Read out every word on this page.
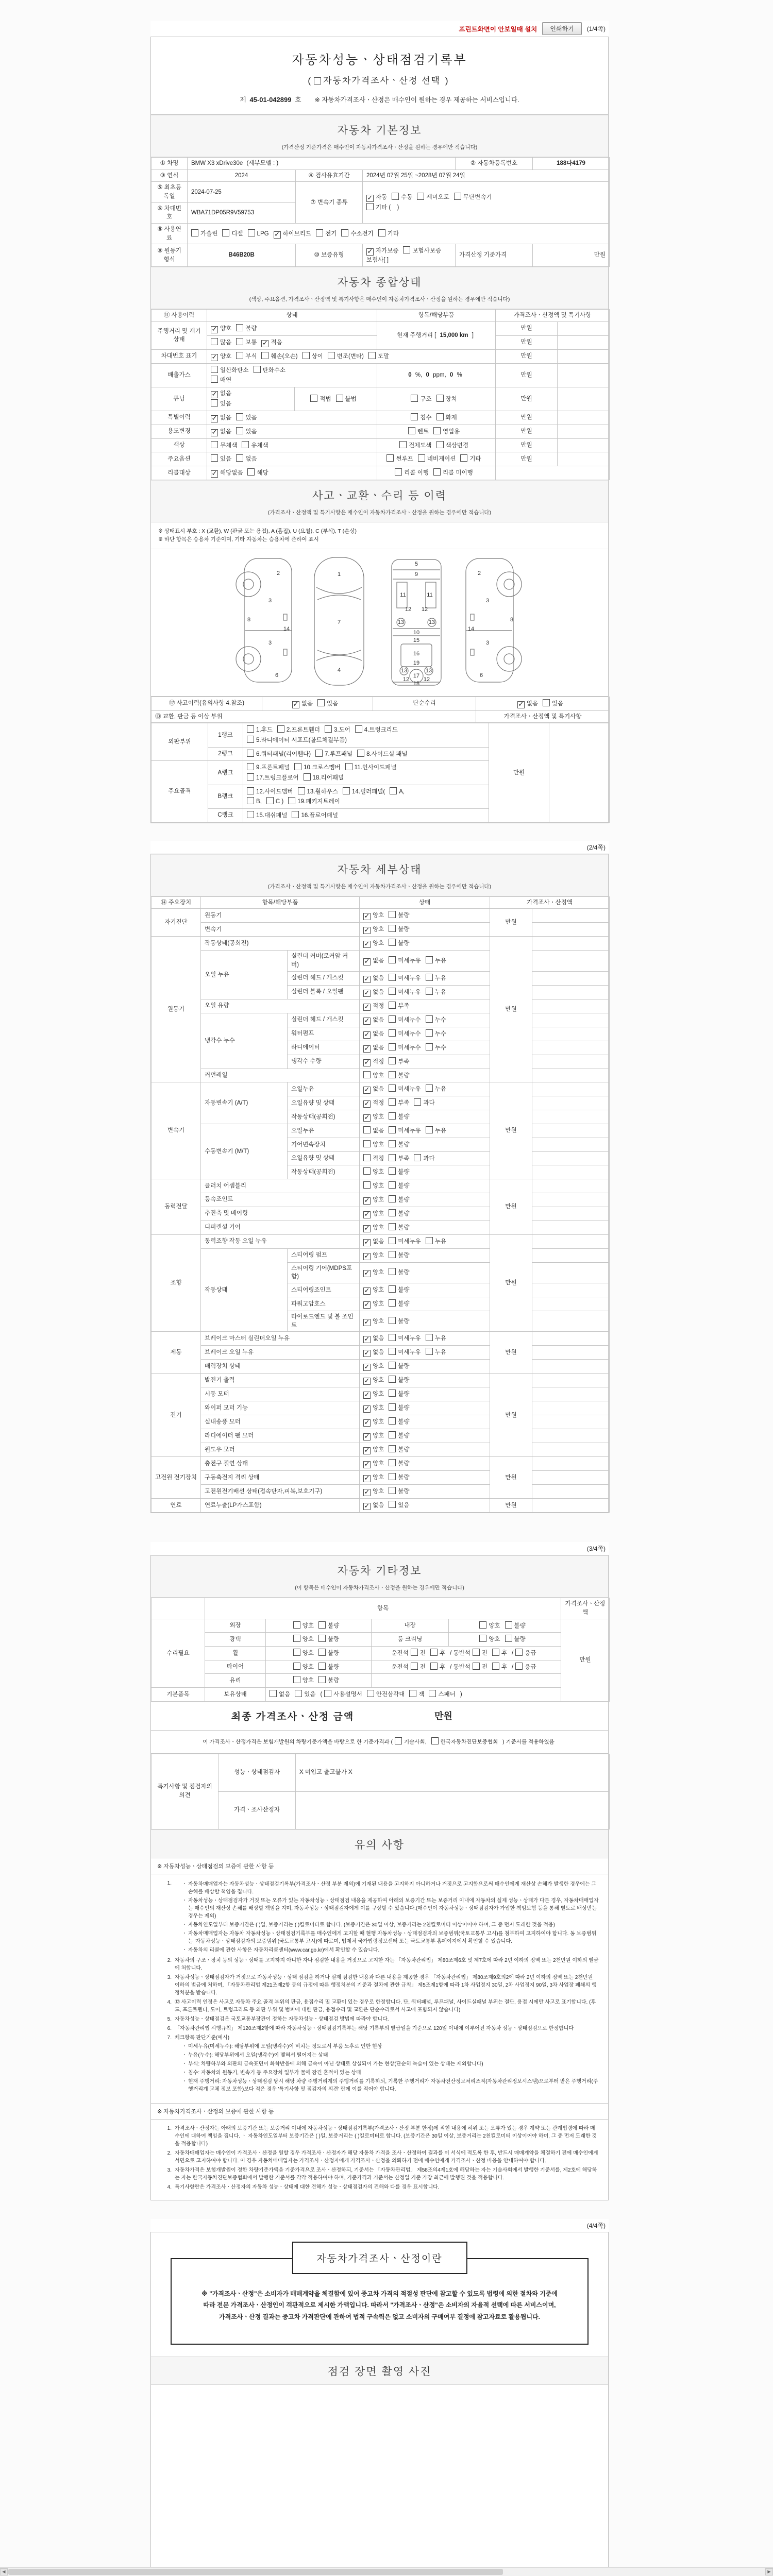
프린트화면이 안보일때 설치	인쇄하기	(1/4쪽)
자동차성능ㆍ상태점검기록부
( 자동차가격조사ㆍ산정 선택 )
제 45-01-042899 호 ※ 자동차가격조사ㆍ산정은 매수인이 원하는 경우 제공하는 서비스입니다.
자동차 기본정보
(가격산정 기준가격은 매수인이 자동차가격조사ㆍ산정을 원하는 경우에만 적습니다)
① 차명	BMW X3 xDrive30e (세부모델 : )			② 자동차등록번호	188다4179
③ 연식	2024	④ 검사유효기간	2024년 07월 25일 ~2028년 07월 24일		
⑤ 최초등록일	2024-07-25	⑦ 변속기 종류	✓ 자동 수동 세미오토 무단변속기
기타 ( )		
⑥ 차대번호	WBA71DP05R9V59753				
⑧ 사용연료	가솔린 디젤 LPG ✓ 하이브리드 전기 수소전기 기타				
⑨ 원동기형식	B46B20B	⑩ 보증유형	✓ 자가보증 보험사보증보험사[ ]	가격산정 기준가격	만원
자동차 종합상태
(색상, 주요옵션, 가격조사ㆍ산정액 및 특기사항은 매수인이 자동차가격조사ㆍ산정을 원하는 경우에만 적습니다)
⑪ 사용이력	상태		항목/해당부품	가격조사ㆍ산정액 및 특기사항	
주행거리 및 계기상태	✓ 양호 불량		현재 주행거리 [ 15,000 km ]	만원	
	많음 보통 ✓ 적음			만원	
차대번호 표기	✓ 양호 부식 훼손(오손) 상이 변조(변타) 도말			만원	
배출가스	일산화탄소 탄화수소
매연		0 %, 0 ppm, 0 %	만원	
튜닝	✓ 없음
있음	적법 불법	구조 장치	만원	
특별이력	✓ 없음 있음		침수 화재	만원	
용도변경	✓ 없음 있음		렌트 영업용	만원	
색상	무채색 유채색		전체도색 색상변경	만원	
주요옵션	있음 없음		썬루프 네비게이션 기타	만원	
리콜대상	✓ 해당없음 해당		리콜 이행 리콜 미이행		
사고ㆍ교환ㆍ수리 등 이력
(가격조사ㆍ산정액 및 특기사항은 매수인이 자동차가격조사ㆍ산정을 원하는 경우에만 적습니다)
※ 상태표시 부호 : X (교환), W (판금 또는 용접), A (흠집), U (요철), C (부식), T (손상)
※ 하단 항목은 승용차 기준이며, 기타 자동차는 승용차에 준하여 표시
2
3
8
14
3
6
1
7
4
5
9
11	11
12 12
13	13
10
15
16
19
13	13
12
17
12
18
2
3
8
14
3
6
⑫ 사고이력(유의사항 4.참조)	✓ 없음 있음	단순수리	✓ 없음 있음
⑬ 교환, 판금 등 이상 부위			가격조사ㆍ산정액 및 특기사항
외판부위	1랭크	1.후드 2.프론트휀더 3.도어 4.트렁크리드
5.라디에이터 서포트(볼트체결부품)	만원	
	2랭크	6.쿼터패널(리어휀다) 7.루프패널 8.사이드실 패널		
주요골격	A랭크	9.프론트패널 10.크로스멤버 11.인사이드패널
17.트렁크플로어 18.리어패널		
	B랭크	12.사이드멤버 13.휠하우스 14.필러패널( A,
B, C ) 19.패키지트레이		
	C랭크	15.대쉬패널 16.플로어패널		
(2/4쪽)
자동차 세부상태
(가격조사ㆍ산정액 및 특기사항은 매수인이 자동차가격조사ㆍ산정을 원하는 경우에만 적습니다)
⑭ 주요장치	항목/해당부품		상태	가격조사ㆍ산정액	
자기진단	원동기		✓ 양호 불량	만원	
	변속기		✓ 양호 불량		
원동기	작동상태(공회전)		✓ 양호 불량	만원	
	오일 누유	실린더 커버(로커암 커버)	✓ 없음 미세누유 누유		
		실린더 헤드 / 개스킷	✓ 없음 미세누유 누유		
		실린더 블록 / 오일팬	✓ 없음 미세누유 누유		
	오일 유량		✓ 적정 부족		
	냉각수 누수	실린더 헤드 / 개스킷	✓ 없음 미세누수 누수		
		워터펌프	✓ 없음 미세누수 누수		
		라디에이터	✓ 없음 미세누수 누수		
		냉각수 수량	✓ 적정 부족		
	커먼레일		양호 불량		
변속기	자동변속기 (A/T)	오일누유	✓ 없음 미세누유 누유	만원	
		오일유량 및 상태	✓ 적정 부족 과다		
		작동상태(공회전)	✓ 양호 불량		
	수동변속기 (M/T)	오일누유	없음 미세누유 누유		
		기어변속장치	양호 불량		
		오일유량 및 상태	적정 부족 과다		
		작동상태(공회전)	양호 불량		
동력전달	클러치 어셈블리		양호 불량	만원	
	등속조인트		✓ 양호 불량		
	추진축 및 베어링		✓ 양호 불량		
	디퍼렌셜 기어		✓ 양호 불량		
조향	동력조향 작동 오일 누유		✓ 없음 미세누유 누유	만원	
	작동상태	스티어링 펌프	✓ 양호 불량		
		스티어링 기어(MDPS포함)	✓ 양호 불량		
		스티어링조인트	✓ 양호 불량		
		파워고압호스	✓ 양호 불량		
		타이로드엔드 및 볼 조인트	✓ 양호 불량		
제동	브레이크 마스터 실린더오일 누유		✓ 없음 미세누유 누유	만원	
	브레이크 오일 누유		✓ 없음 미세누유 누유		
	배력장치 상태		✓ 양호 불량		
전기	발전기 출력		✓ 양호 불량	만원	
	시동 모터		✓ 양호 불량		
	와이퍼 모터 기능		✓ 양호 불량		
	실내송풍 모터		✓ 양호 불량		
	라디에이터 팬 모터		✓ 양호 불량		
	윈도우 모터		✓ 양호 불량		
고전원 전기장치	충전구 절연 상태		✓ 양호 불량	만원	
	구동축전지 격리 상태		✓ 양호 불량		
	고전원전기배선 상태(접속단자,피복,보호기구)		✓ 양호 불량		
연료	연료누출(LP가스포함)		✓ 없음 있음	만원	
(3/4쪽)
자동차 기타정보
(이 항목은 매수인이 자동차가격조사ㆍ산정을 원하는 경우에만 적습니다)
	항목				가격조사ㆍ산정액
수리필요	외장	양호 불량	내장	양호 불량	만원
	광택	양호 불량	룸 크리닝	양호 불량	
	휠	양호 불량	운전석 전 후 / 동반석 전 후 / 응급		
	타이어	양호 불량	운전석 전 후 / 동반석 전 후 / 응급		
	유리	양호 불량			
기본품목	보유상태	없음 있음 ( 사용설명서 안전삼각대 잭 스패너 )			
최종 가격조사ㆍ산정 금액	만원
이 가격조사ㆍ산정가격은 보험개발원의 차량기준가액을 바탕으로 한 기준가격과 ( 기술사회,	한국자동차진단보증협회 ) 기준서를 적용하였음
특기사항 및 점검자의 의견	성능ㆍ상태점검자	X 미입고 출고불가 X
	가격ㆍ조사산정자	
유의 사항
※ 자동차성능ㆍ상태점검의 보증에 관한 사항 등
1.	ㆍ 자동차매매업자는 자동차성능ㆍ상태점검기록부(가격조사ㆍ산정 부분 제외)에 기재된 내용을 고지하지 아니하거나 거짓으로 고지함으로써 매수인에게 재산상 손해가 발생한 경우에는 그 손해를 배상할 책임을 집니다.
ㆍ 자동차성능ㆍ상태점검자가 거짓 또는 오류가 있는 자동차성능ㆍ상태점검 내용을 제공하여 아래의 보증기간 또는 보증거리 이내에 자동차의 실제 성능ㆍ상태가 다른 경우, 자동차매매업자는 매수인의 재산상 손해를 배상할 책임을 지며, 자동차성능ㆍ상태점검자에게 이를 구상할 수 있습니다.(매수인이 자동차성능ㆍ상태점검자가 가입한 책임보험 등을 통해 별도로 배상받는 경우는 제외)
ㆍ 자동차인도일부터 보증기간은 ( )일, 보증거리는 ( )킬로미터로 합니다. (보증기간은 30일 이상, 보증거리는 2천킬로미터 이상이어야 하며, 그 중 먼저 도래한 것을 적용)
ㆍ 자동차매매업자는 자동차 자동차성능ㆍ상태점검기록부를 매수인에게 고지할 때 현행 자동차성능ㆍ상태점검자의 보증범위(국토교통부 고시)를 첨부하여 고지하여야 합니다. 동 보증범위는 '자동차성능ㆍ상태점검자의 보증범위'(국토교통부 고시)에 따르며, 법제처 국가법령정보센터 또는 국토교통부 홈페이지에서 확인할 수 있습니다.
ㆍ 자동차의 리콜에 관한 사항은 자동차리콜센터(www.car.go.kr)에서 확인할 수 있습니다.
2. 자동차의 구조ㆍ장치 등의 성능ㆍ상태를 고지하지 아니한 자나 점검한 내용을 거짓으로 고지한 자는 「자동차관리법」 제80조제6호 및 제7호에 따라 2년 이하의 징역 또는 2천만원 이하의 벌금에 처합니다.
3. 자동차성능ㆍ상태점검자가 거짓으로 자동차성능ㆍ상태 점검을 하거나 실제 점검한 내용과 다른 내용을 제공한 경우 「자동차관리법」 제80조제9호의2에 따라 2년 이하의 징역 또는 2천만원 이하의 벌금에 처하며, 「자동차관리법 제21조제2항 등의 규정에 따른 행정처분의 기준과 절차에 관한 규칙」 제5조제1항에 따라 1차 사업정지 30일, 2차 사업정지 90일, 3차 사업장 폐쇄의 행정처분을 받습니다.
4. ⑫ 사고이력 인정은 사고로 자동차 주요 골격 부위의 판금, 용접수리 및 교환이 있는 경우로 한정합니다. 단, 쿼터패널, 루프패널, 사이드실패널 부위는 절단, 용접 시에만 사고로 표기합니다. (후드, 프론트펜더, 도어, 트렁크리드 등 외판 부위 및 범퍼에 대한 판금, 용접수리 및 교환은 단순수리로서 사고에 포함되지 않습니다)
5. 자동차성능ㆍ상태점검은 국토교통부장관이 정하는 자동차성능ㆍ상태점검 방법에 따라야 합니다.
6. 「자동차관리법 시행규칙」 제120조제2항에 따라 자동차성능ㆍ상태점검기록부는 해당 기록부의 발급일을 기준으로 120일 이내에 이루어진 자동차 성능ㆍ상태점검으로 한정합니다
7. 체크항목 판단기준(예시)
ㆍ 미세누유(미세누수): 해당부위에 오일(냉각수)이 비치는 정도로서 부품 노후로 인한 현상
ㆍ 누유(누수): 해당부위에서 오일(냉각수)이 맺혀서 떨어지는 상태
ㆍ 부식: 차량하부와 외판의 금속표면이 화학반응에 의해 금속이 아닌 상태로 상실되어 가는 현상(단순히 녹슬어 있는 상태는 제외합니다)
ㆍ 침수: 자동차의 원동기, 변속기 등 주요장치 일부가 물에 잠긴 흔적이 있는 상태
ㆍ 현재 주행거리: 자동차성능ㆍ상태점검 당시 해당 차량 주행거리계의 주행거리를 기록하되, 기록한 주행거리가 자동차전산정보처리조직(자동차관리정보시스템)으로부터 받은 주행거리(주행거리계 교체 정보 포함)보다 적은 경우 '특기사항 및 점검자의 의견' 란에 이를 적어야 합니다.
※ 자동차가격조사ㆍ산정의 보증에 관한 사항 등
1. 가격조사ㆍ산정자는 아래의 보증기간 또는 보증거리 이내에 자동차성능ㆍ상태점검기록부(가격조사ㆍ산정 부분 한정)에 적힌 내용에 허위 또는 오류가 있는 경우 계약 또는 관계법령에 따라 매수인에 대하여 책임을 집니다. ㆍ 자동차인도일부터 보증기간은 ( )일, 보증거리는 ( )킬로미터로 합니다. (보증기간은 30일 이상, 보증거리는 2천킬로미터 이상이어야 하며, 그 중 먼저 도래한 것을 적용합니다)
2. 자동차매매업자는 매수인이 가격조사ㆍ산정을 원할 경우 가격조사ㆍ산정자가 해당 자동차 가격을 조사ㆍ산정하여 결과를 이 서식에 적도록 한 후, 반드시 매매계약을 체결하기 전에 매수인에게 서면으로 고지하여야 합니다. 이 경우 자동차매매업자는 가격조사ㆍ산정자에게 가격조사ㆍ산정을 의뢰하기 전에 매수인에게 가격조사ㆍ산정 비용을 안내하여야 합니다.
3. 자동차가격은 보험개발원이 정한 차량기준가액을 기준가격으로 조사ㆍ산정하되, 기준서는 「자동차관리법」 제58조의4제1호에 해당하는 자는 기술사회에서 발행한 기준서를, 제2호에 해당하는 자는 한국자동차진단보증협회에서 발행한 기준서를 각각 적용하여야 하며, 기준가격과 기준서는 산정일 기준 가장 최근에 발행된 것을 적용합니다.
4. 특기사항란은 가격조사ㆍ산정자의 자동차 성능ㆍ상태에 대한 견해가 성능ㆍ상태점검자의 견해와 다를 경우 표시합니다.
(4/4쪽)
자동차가격조사ㆍ산정이란
※ "가격조사ㆍ산정"은 소비자가 매매계약을 체결함에 있어 중고차 가격의 적절성 판단에 참고할 수 있도록 법령에 의한 절차와 기준에 따라 전문 가격조사ㆍ산정인이 객관적으로 제시한 가액입니다. 따라서 "가격조사ㆍ산정"은 소비자의 자율적 선택에 따른 서비스이며, 가격조사ㆍ산정 결과는 중고차 가격판단에 관하여 법적 구속력은 없고 소비자의 구매여부 결정에 참고자료로 활용됩니다.
점검 장면 촬영 사진

◀	▶
